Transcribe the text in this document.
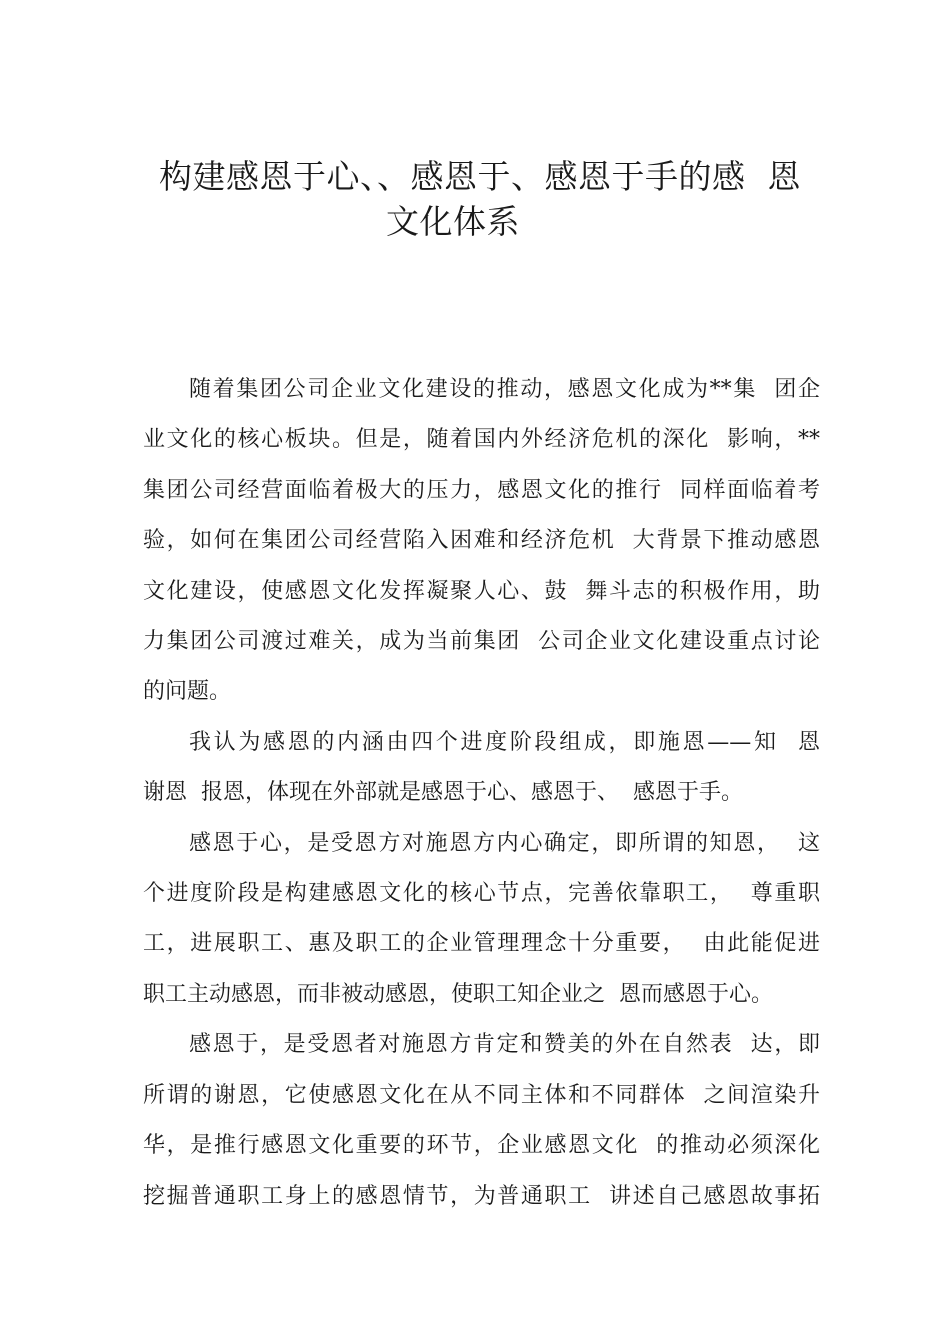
构建感恩于心、、感恩于、感恩于手的感  恩
文化体系
随着集团公司企业文化建设的推动，感恩文化成为**集  团企
业文化的核心板块。但是，随着国内外经济危机的深化  影响，**
集团公司经营面临着极大的压力，感恩文化的推行  同样面临着考
验，如何在集团公司经营陷入困难和经济危机  大背景下推动感恩
文化建设，使感恩文化发挥凝聚人心、鼓  舞斗志的积极作用，助
力集团公司渡过难关，成为当前集团  公司企业文化建设重点讨论
的问题。
我认为感恩的内涵由四个进度阶段组成，即施恩——知  恩
谢恩  报恩，体现在外部就是感恩于心、感恩于、  感恩于手。
感恩于心，是受恩方对施恩方内心确定，即所谓的知恩，  这
个进度阶段是构建感恩文化的核心节点，完善依靠职工，  尊重职
工，进展职工、惠及职工的企业管理理念十分重要，  由此能促进
职工主动感恩，而非被动感恩，使职工知企业之  恩而感恩于心。
感恩于，是受恩者对施恩方肯定和赞美的外在自然表  达，即
所谓的谢恩，它使感恩文化在从不同主体和不同群体  之间渲染升
华，是推行感恩文化重要的环节，企业感恩文化  的推动必须深化
挖掘普通职工身上的感恩情节，为普通职工  讲述自己感恩故事拓
